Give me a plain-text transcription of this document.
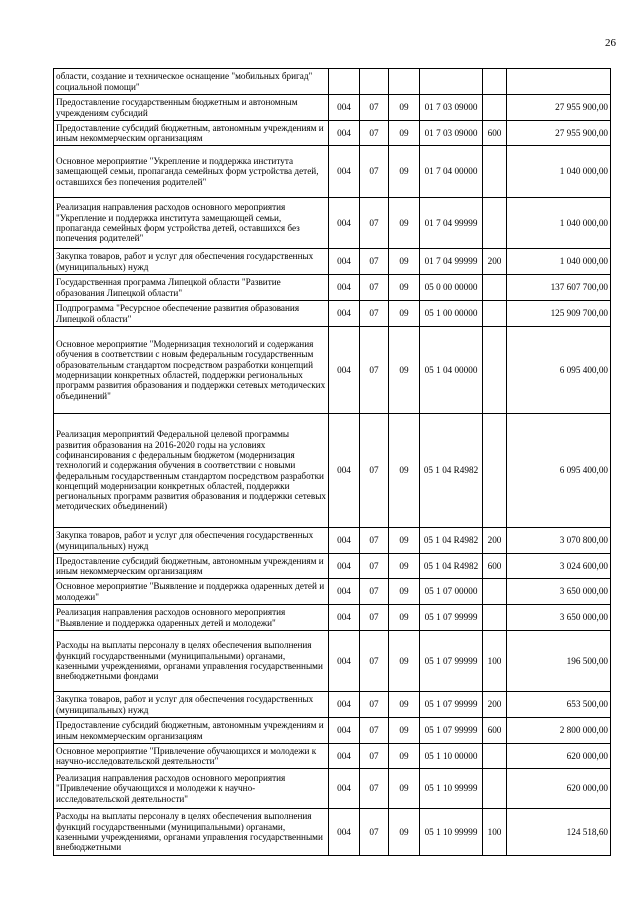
26
области, создание и техническое оснащение "мобильных бригад" социальной помощи"						
Предоставление государственным бюджетным и автономным учреждениям субсидий	004	07	09	01 7 03 09000		27 955 900,00
Предоставление субсидий бюджетным, автономным учреждениям и иным некоммерческим организациям	004	07	09	01 7 03 09000	600	27 955 900,00
Основное мероприятие "Укрепление и поддержка института замещающей семьи, пропаганда семейных форм устройства детей, оставшихся без попечения родителей"	004	07	09	01 7 04 00000		1 040 000,00
Реализация направления расходов основного мероприятия "Укрепление и поддержка института замещающей семьи, пропаганда семейных форм устройства детей, оставшихся без попечения родителей"	004	07	09	01 7 04 99999		1 040 000,00
Закупка товаров, работ и услуг для обеспечения государственных (муниципальных) нужд	004	07	09	01 7 04 99999	200	1 040 000,00
Государственная программа Липецкой области "Развитие образования Липецкой области"	004	07	09	05 0 00 00000		137 607 700,00
Подпрограмма "Ресурсное обеспечение развития образования Липецкой области"	004	07	09	05 1 00 00000		125 909 700,00
Основное мероприятие "Модернизация технологий и содержания обучения в соответствии с новым федеральным государственным образовательным стандартом посредством разработки концепций модернизации конкретных областей, поддержки региональных программ развития образования и поддержки сетевых методических объединений"	004	07	09	05 1 04 00000		6 095 400,00
Реализация мероприятий Федеральной целевой программы развития образования на 2016-2020 годы на условиях софинансирования с федеральным бюджетом (модернизация технологий и содержания обучения в соответствии с новыми федеральным государственным стандартом посредством разработки концепций модернизации конкретных областей, поддержки региональных программ развития образования и поддержки сетевых методических объединений)	004	07	09	05 1 04 R4982		6 095 400,00
Закупка товаров, работ и услуг для обеспечения государственных (муниципальных) нужд	004	07	09	05 1 04 R4982	200	3 070 800,00
Предоставление субсидий бюджетным, автономным учреждениям и иным некоммерческим организациям	004	07	09	05 1 04 R4982	600	3 024 600,00
Основное мероприятие "Выявление и поддержка одаренных детей и молодежи"	004	07	09	05 1 07 00000		3 650 000,00
Реализация направления расходов основного мероприятия "Выявление и поддержка одаренных детей и молодежи"	004	07	09	05 1 07 99999		3 650 000,00
Расходы на выплаты персоналу в целях обеспечения выполнения функций государственными (муниципальными) органами, казенными учреждениями, органами управления государственными внебюджетными фондами	004	07	09	05 1 07 99999	100	196 500,00
Закупка товаров, работ и услуг для обеспечения государственных (муниципальных) нужд	004	07	09	05 1 07 99999	200	653 500,00
Предоставление субсидий бюджетным, автономным учреждениям и иным некоммерческим организациям	004	07	09	05 1 07 99999	600	2 800 000,00
Основное мероприятие "Привлечение обучающихся и молодежи к научно-исследовательской деятельности"	004	07	09	05 1 10 00000		620 000,00
Реализация направления расходов основного мероприятия "Привлечение обучающихся и молодежи к научно-исследовательской деятельности"	004	07	09	05 1 10 99999		620 000,00
Расходы на выплаты персоналу в целях обеспечения выполнения функций государственными (муниципальными) органами, казенными учреждениями, органами управления государственными внебюджетными	004	07	09	05 1 10 99999	100	124 518,60
